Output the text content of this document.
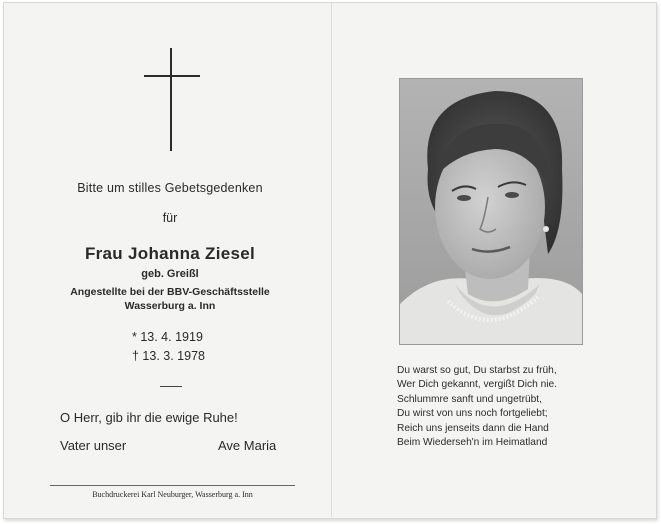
Bitte um stilles Gebetsgedenken
für
Frau Johanna Ziesel
geb. Greißl
Angestellte bei der BBV-Geschäftsstelle
Wasserburg a. Inn
* 13. 4. 1919
† 13. 3. 1978
O Herr, gib ihr die ewige Ruhe!
Vater unser	Ave Maria
Buchdruckerei Karl Neuburger, Wasserburg a. Inn
Du warst so gut, Du starbst zu früh,
Wer Dich gekannt, vergißt Dich nie.
Schlummre sanft und ungetrübt,
Du wirst von uns noch fortgeliebt;
Reich uns jenseits dann die Hand
Beim Wiederseh'n im Heimatland
